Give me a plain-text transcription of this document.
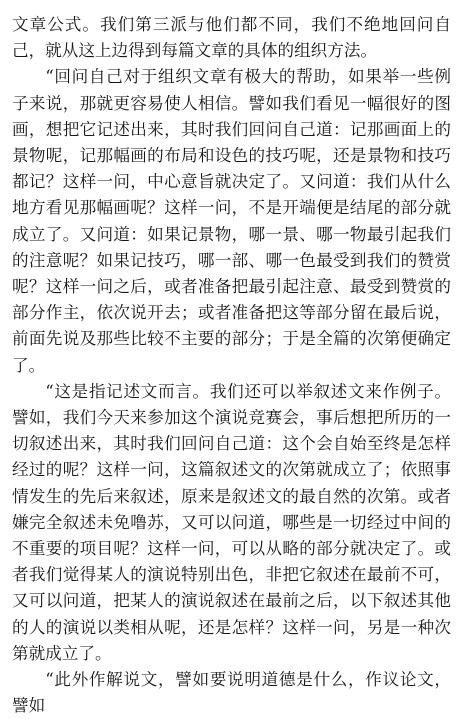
文章公式。我们第三派与他们都不同，我们不绝地回问自己，就从这上边得到每篇文章的具体的组织方法。

“回问自己对于组织文章有极大的帮助，如果举一些例子来说，那就更容易使人相信。譬如我们看见一幅很好的图画，想把它记述出来，其时我们回问自己道：记那画面上的景物呢，记那幅画的布局和设色的技巧呢，还是景物和技巧都记？这样一问，中心意旨就决定了。又问道：我们从什么地方看见那幅画呢？这样一问，不是开端便是结尾的部分就成立了。又问道：如果记景物，哪一景、哪一物最引起我们的注意呢？如果记技巧，哪一部、哪一色最受到我们的赞赏呢？这样一问之后，或者准备把最引起注意、最受到赞赏的部分作主，依次说开去；或者准备把这等部分留在最后说，前面先说及那些比较不主要的部分；于是全篇的次第便确定了。

“这是指记述文而言。我们还可以举叙述文来作例子。譬如，我们今天来参加这个演说竞赛会，事后想把所历的一切叙述出来，其时我们回问自己道：这个会自始至终是怎样经过的呢？这样一问，这篇叙述文的次第就成立了；依照事情发生的先后来叙述，原来是叙述文的最自然的次第。或者嫌完全叙述未免噜苏，又可以问道，哪些是一切经过中间的不重要的项目呢？这样一问，可以从略的部分就决定了。或者我们觉得某人的演说特别出色，非把它叙述在最前不可，又可以问道，把某人的演说叙述在最前之后，以下叙述其他的人的演说以类相从呢，还是怎样？这样一问，另是一种次第就成立了。

“此外作解说文，譬如要说明道德是什么，作议论文，譬如
